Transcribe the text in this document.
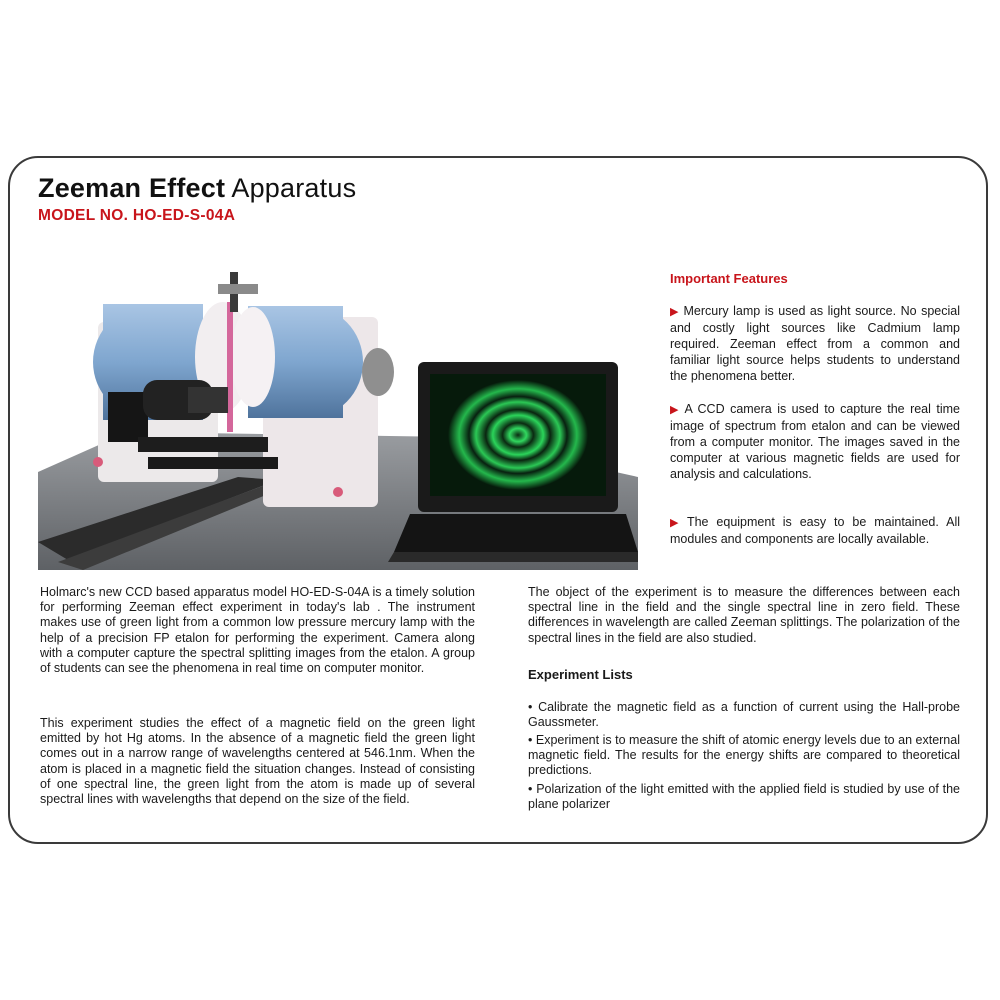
Zeeman Effect Apparatus
MODEL NO. HO-ED-S-04A
Important Features
▶ Mercury lamp is used as light source. No special and costly light sources like Cadmium lamp required. Zeeman effect from a common and familiar light source helps students to understand the phenomena better.
▶ A CCD camera is used to capture the real time image of spectrum from etalon and can be viewed from a computer monitor. The images saved in the computer at various magnetic fields are used for analysis and calculations.
▶ The equipment is easy to be maintained. All modules and components are locally available.
Holmarc's new CCD based apparatus model HO-ED-S-04A is a timely solution for performing Zeeman effect experiment in today's lab . The instrument makes use of green light from a common low pressure mercury lamp with the help of a precision FP etalon for performing the experiment. Camera along with a computer capture the spectral splitting images from the etalon. A group of students can see the phenomena in real time on computer monitor.
This experiment studies the effect of a magnetic field on the green light emitted by hot Hg atoms. In the absence of a magnetic field the green light comes out in a narrow range of wavelengths centered at 546.1nm. When the atom is placed in a magnetic field the situation changes. Instead of consisting of one spectral line, the green light from the atom is made up of several spectral lines with wavelengths that depend on the size of the field.
The object of the experiment is to measure the differences between each spectral line in the field and the single spectral line in zero field. These differences in wavelength are called Zeeman splittings. The polarization of the spectral lines in the field are also studied.
Experiment Lists
• Calibrate the magnetic field as a function of current using the Hall-probe Gaussmeter.
• Experiment is to measure the shift of atomic energy levels due to an external magnetic field. The results for the energy shifts are compared to theoretical predictions.
• Polarization of the light emitted with the applied field is studied by use of the plane polarizer
